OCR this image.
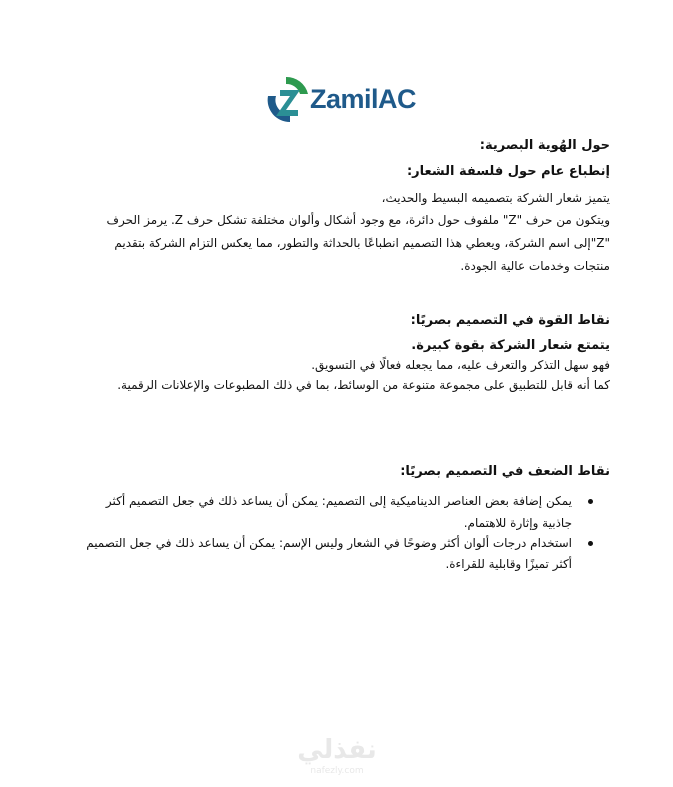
ZamilAC
حول الهُوية البصرية:
إنطباع عام حول فلسفة الشعار:
يتميز شعار الشركة بتصميمه البسيط والحديث،
ويتكون من حرف "Z" ملفوف حول دائرة، مع وجود أشكال وألوان مختلفة تشكل حرف Z. يرمز الحرف
"Z"إلى اسم الشركة، ويعطي هذا التصميم انطباعًا بالحداثة والتطور، مما يعكس التزام الشركة بتقديم
منتجات وخدمات عالية الجودة.
نقاط القوة في التصميم بصريًا:
يتمتع شعار الشركة بقوة كبيرة.
فهو سهل التذكر والتعرف عليه، مما يجعله فعالًا في التسويق.
كما أنه قابل للتطبيق على مجموعة متنوعة من الوسائط، بما في ذلك المطبوعات والإعلانات الرقمية.
نقاط الضعف في التصميم بصريًا:
يمكن إضافة بعض العناصر الديناميكية إلى التصميم: يمكن أن يساعد ذلك في جعل التصميم أكثر
جاذبية وإثارة للاهتمام.
استخدام درجات ألوان أكثر وضوحًا في الشعار وليس الإسم: يمكن أن يساعد ذلك في جعل التصميم
أكثر تميزًا وقابلية للقراءة.
نفذلي
nafezly.com
